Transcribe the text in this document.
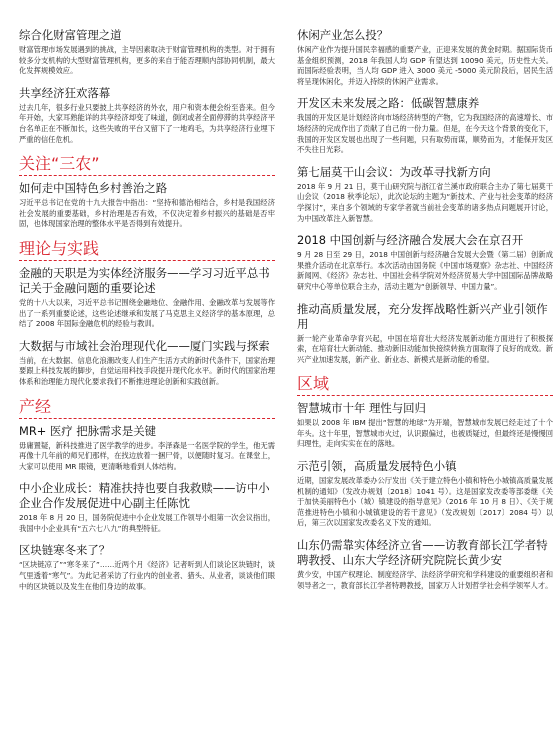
综合化财富管理之道

财富管理市场发展遇到的挑战，主导因素取决于财富管理机构的类型。对于拥有较多分支机构的大型财富管理机构，更多的来自于能否理顺内部协同机制，最大化发挥规模效应。

共享经济狂欢落幕

过去几年，很多行业只要披上共享经济的外衣，用户和资本便会纷至沓来。但今年开始，大家耳熟能详的共享经济却变了味道，倒闭或者全面停滞的共享经济平台名单正在不断加长，这些失败的平台又留下了一地鸡毛，为共享经济行业埋下严重的信任危机。

关注“三农”
如何走中国特色乡村善治之路

习近平总书记在党的十九大报告中指出：“坚持和德治相结合，乡村是我国经济社会发展的重要基础，乡村治理是否有效，不仅决定着乡村振兴的基础是否牢固，也体现国家治理的整体水平是否得到有效提升。

理论与实践
金融的天职是为实体经济服务——学习习近平总书记关于金融问题的重要论述

党的十八大以来，习近平总书记围绕金融地位、金融作用、金融改革与发展等作出了一系列重要论述，这些论述继承和发展了马克思主义经济学的基本原理，总结了 2008 年国际金融危机的经验与教训。

大数据与市域社会治理现代化——厦门实践与探索

当前，在大数据、信息化浪潮改变人们生产生活方式的新时代条件下，国家治理要跟上科技发展的脚步，自觉运用科技手段提升现代化水平。新时代的国家治理体系和治理能力现代化要求我们不断推进理论创新和实践创新。

产经
MR+ 医疗 把脉需求是关键

毋庸置疑，新科技推进了医学教学的进步。李泽森是一名医学院的学生，他无需再像十几年前的师兄们那样，在找边放着一捆尸骨，以便随时复习。在课堂上，大家可以使用 MR 眼镜，更清晰地看到人体结构。

中小企业成长：精准扶持也要自我救赎——访中小企业合作发展促进中心副主任陈忱

2018 年 8 月 20 日，国务院促进中小企业发展工作领导小组第一次会议指出，我国中小企业具有“五六七八九”的典型特征。

区块链寒冬来了？

“区块链凉了”“寒冬来了”……近两个月《经济》记者听到人们谈论区块链时，谈气里透着“寒气”。为此记者采访了行业内的创业者、猎头、从业者，谈谈他们眼中的区块链以及发生在他们身边的故事。

休闲产业怎么投？

休闲产业作为提升国民幸福感的重要产业，正迎来发展的黄金时期。据国际货币基金组织预测，2018 年我国人均 GDP 有望达到 10090 美元，历史性大关。而国际经验表明，当人均 GDP 进入 3000 美元 -5000 美元阶段后，居民生活将呈现休闲化，并迈入持续的休闲产业需求。

开发区未来发展之路：低碳智慧康养

我国的开发区是计划经济向市场经济转型的产物，它为我国经济的高速增长、市场经济的完成作出了贡献了自己的一份力量。但是，在今天这个背景的变化下，我国的开发区发展也出现了一些问题，只有取势而谋，顺势而为，才能保开发区不失往日光彩。

第七届莫干山会议：为改革寻找新方向

2018 年 9 月 21 日，莫干山研究院与浙江省兰溪市政府联合主办了第七届莫干山会议（2018 秋季论坛），此次论坛的主题为“新技术、产业与社会变革的经济学探讨”，来自多个领域的专家学者就当前社会变革的诸多热点问题展开讨论，为中国改革注入新智慧。

2018 中国创新与经济融合发展大会在京召开

9 月 28 日至 29 日，2018 中国创新与经济融合发展大会暨（第二届）创新成果推介活动在北京举行。本次活动由国务院《中国市场观察》杂志社、中国经济新闻网、《经济》杂志社、中国社会科学院对外经济贸易大学中国国际品牌战略研究中心等单位联合主办，活动主题为“创新领导、中国力量”。

推动高质量发展，充分发挥战略性新兴产业引领作用

新一轮产业革命孕育兴起，中国在培育壮大经济发展新动能方面进行了积极探索，在培育壮大新动能、推动新旧动能加快接续转换方面取得了良好的成效。新兴产业加速发展，新产业、新业态、新模式是新动能的希望。

区域
智慧城市十年 理性与回归

如果以 2008 年 IBM 提出“智慧的地球”为开端，智慧城市发展已经走过了十个年头。这十年里，智慧城市火过，认识跟偏过，也被质疑过，但最终还是慢慢回归理性，走向实实在在的落地。

示范引领，高质量发展特色小镇

近期，国家发展改革委办公厅发出《关于建立特色小镇和特色小城镇高质量发展机制的通知》（发改办规划〔2018〕1041 号）。这是国家发改委等部委继《关于加快美丽特色小（城）镇建设的指导意见》（2016 年 10 月 8 日）、《关于规范推进特色小镇和小城镇建设的若干意见》（发改规划〔2017〕2084 号）以后，第三次以国家发改委名义下发的通知。

山东仍需靠实体经济立省——访教育部长江学者特聘教授、山东大学经济研究院院长黄少安

黄少安，中国产权理论、制度经济学、法经济学研究和学科建设的重要组织者和领导者之一，教育部长江学者特聘教授，国家万人计划哲学社会科学领军人才。
